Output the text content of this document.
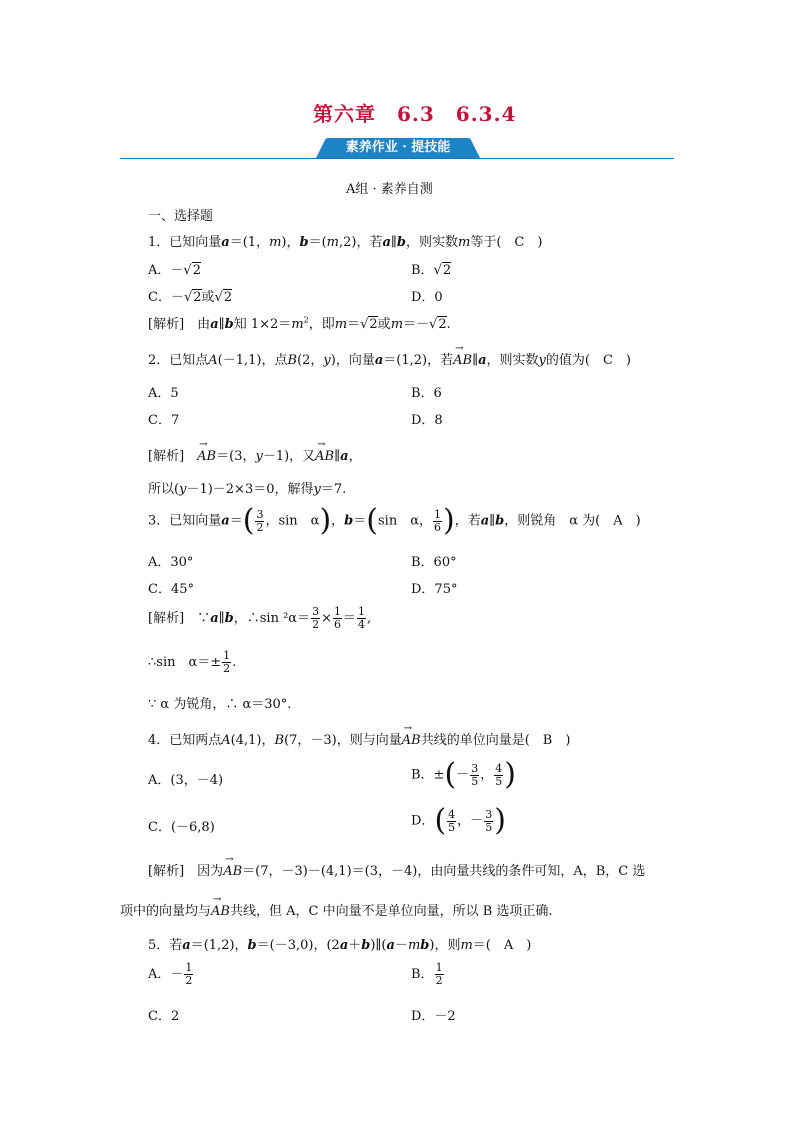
第六章　6.3　6.3.4
素养作业 · 提技能
A组 · 素养自测
一、选择题
1．已知向量a＝(1，m)，b＝(m,2)，若a∥b，则实数m等于(　C　)
A．－√2	B．√2
C．－√2或√2	D．0
[解析]　 由a∥b知 $1\times 2=m^2$，即m＝√2或m＝－√2.
2．已知点A(－1,1)，点B(2，y)，向量a＝(1,2)，若→ AB∥a，则实数y的值为(　C　)
A．5	B．6
C．7	D．8
[解析]　→ AB＝(3，y－1)，又→ AB∥a，
所以(y－1)－2×3＝0，解得y＝7.
3．已知向量$a=( \frac{3}{2}$ ，sin　α)，b＝(sin　α， $\frac{1}{6}$ )，若a∥b，则锐角　α 为(　A　)
A．30°	B．60°
C．45°	D．75°
[解析]　 ∵a∥b，∴sin $^2\alpha= \frac{3}{2} \times \frac{1}{6} = \frac{1}{4}$ ,
∴sin　$\alpha=\pm \frac{1}{2}$ .
∵ α 为锐角，∴ α＝30°.
4．已知两点A(4,1)，B(7，－3)，则与向量→ AB共线的单位向量是(　B　)
A．(3，－4)	B．±(－ $\frac{3}{5}$ ， $\frac{4}{5}$ )
C．(－6,8)	D．( $\frac{4}{5}$ ，－ $\frac{3}{5}$ )
[解析]　 因为→ AB＝(7，－3)－(4,1)＝(3，－4)，由向量共线的条件可知，A，B，C 选
项中的向量均与→ AB共线，但 A，C 中向量不是单位向量，所以 B 选项正确.
5．若a＝(1,2)，b＝(－3,0)，(2a＋b)∥(a－mb)，则m＝(　A　)
A．－ $\frac{1}{2}$	B． $\frac{1}{2}$
C．2	D．－2
